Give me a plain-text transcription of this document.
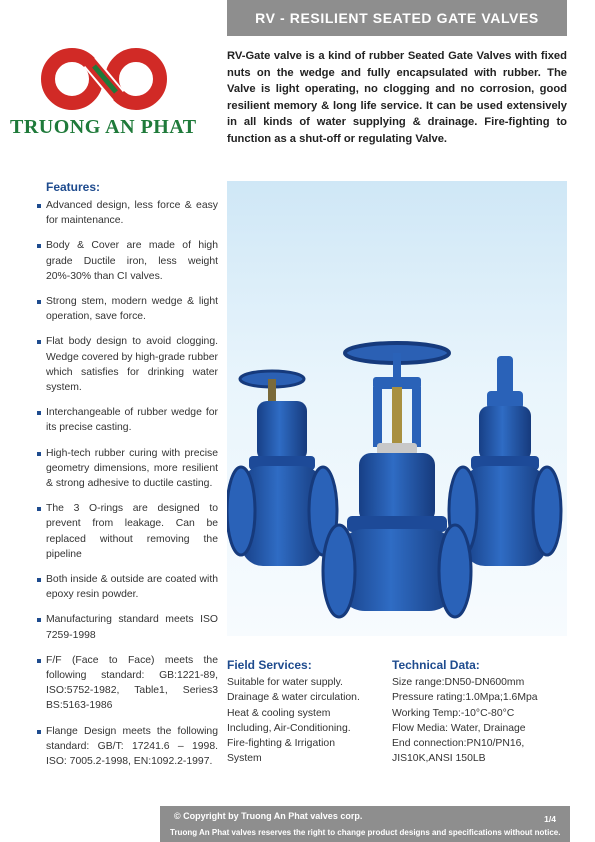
RV - RESILIENT SEATED GATE VALVES
TRUONG AN PHAT
RV-Gate valve is a kind of rubber Seated Gate Valves with fixed nuts on the wedge and fully encapsulated with rubber. The Valve is light operating, no clogging and no corrosion, good resilient memory & long life service. It can be used extensively in all kinds of water supplying & drainage. Fire-fighting to function as a shut-off or regulating Valve.
Features:
Advanced design, less force & easy for maintenance.
Body & Cover are made of high grade Ductile iron, less weight 20%-30% than CI valves.
Strong stem, modern wedge & light operation, save force.
Flat body design to avoid clogging. Wedge covered by high-grade rubber which satisfies for drinking water system.
Interchangeable of rubber wedge for its precise casting.
High-tech rubber curing with precise geometry dimensions, more resilient & strong adhesive to ductile casting.
The 3 O-rings are designed to prevent from leakage. Can be replaced without removing the pipeline
Both inside & outside are coated with epoxy resin powder.
Manufacturing standard meets ISO 7259-1998
F/F (Face to Face) meets the following standard: GB:1221-89, ISO:5752-1982, Table1, Series3 BS:5163-1986
Flange Design meets the following standard: GB/T: 17241.6 – 1998. ISO: 7005.2-1998, EN:1092.2-1997.
Field Services:

Suitable for water supply.

Drainage & water circulation.

Heat & cooling system

Including, Air-Conditioning.

Fire-fighting & Irrigation

System

Technical Data:

Size range:DN50-DN600mm

Pressure rating:1.0Mpa;1.6Mpa

Working Temp:-10°C-80°C

Flow Media: Water, Drainage

End connection:PN10/PN16,

JIS10K,ANSI 150LB

© Copyright by Truong An Phat valves corp.	1/4
Truong An Phat valves reserves the right to change product designs and specifications without notice.
